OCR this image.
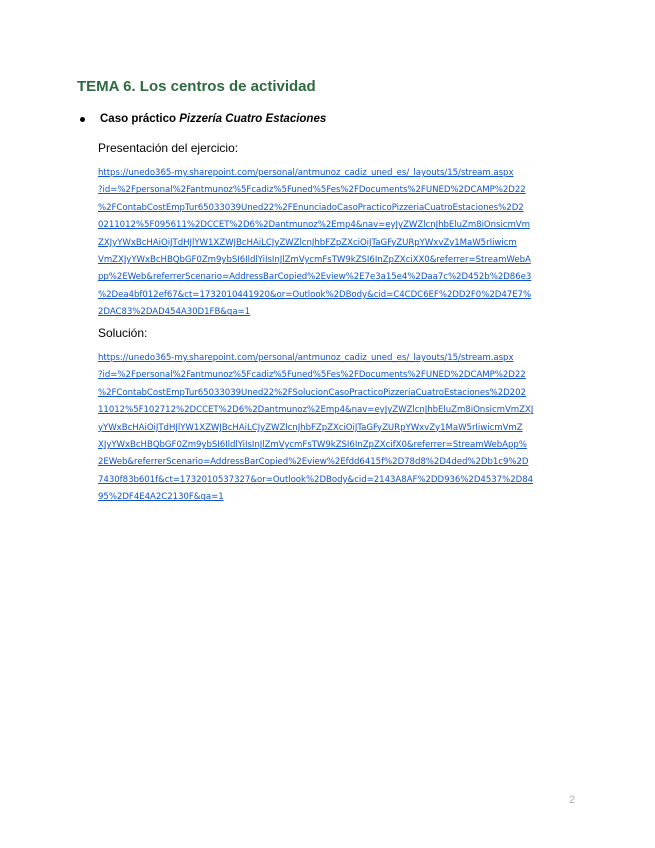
TEMA 6. Los centros de actividad
Caso práctico Pizzería Cuatro Estaciones
Presentación del ejercicio:
https://unedo365-my.sharepoint.com/personal/antmunoz_cadiz_uned_es/_layouts/15/stream.aspx
?id=%2Fpersonal%2Fantmunoz%5Fcadiz%5Funed%5Fes%2FDocuments%2FUNED%2DCAMP%2D22
%2FContabCostEmpTur65033039Uned22%2FEnunciadoCasoPracticoPizzeriaCuatroEstaciones%2D2
0211012%5F095611%2DCCET%2D6%2Dantmunoz%2Emp4&nav=eyJyZWZlcnJhbEluZm8iOnsicmVm
ZXJyYWxBcHAiOiJTdHJlYW1XZWJBcHAiLCJyZWZlcnJhbFZpZXciOiJTaGFyZURpYWxvZy1MaW5rIiwicm
VmZXJyYWxBcHBQbGF0Zm9ybSI6IldlYiIsInJlZmVycmFsTW9kZSI6InZpZXciXX0&referrer=StreamWebA
pp%2EWeb&referrerScenario=AddressBarCopied%2Eview%2E7e3a15e4%2Daa7c%2D452b%2D86e3
%2Dea4bf012ef67&ct=1732010441920&or=Outlook%2DBody&cid=C4CDC6EF%2DD2F0%2D47E7%
2DAC83%2DAD454A30D1FB&ga=1
Solución:
https://unedo365-my.sharepoint.com/personal/antmunoz_cadiz_uned_es/_layouts/15/stream.aspx
?id=%2Fpersonal%2Fantmunoz%5Fcadiz%5Funed%5Fes%2FDocuments%2FUNED%2DCAMP%2D22
%2FContabCostEmpTur65033039Uned22%2FSolucionCasoPracticoPizzeriaCuatroEstaciones%2D202
11012%5F102712%2DCCET%2D6%2Dantmunoz%2Emp4&nav=eyJyZWZlcnJhbEluZm8iOnsicmVmZXJ
yYWxBcHAiOiJTdHJlYW1XZWJBcHAiLCJyZWZlcnJhbFZpZXciOiJTaGFyZURpYWxvZy1MaW5rIiwicmVmZ
XJyYWxBcHBQbGF0Zm9ybSI6IldlYiIsInJlZmVycmFsTW9kZSI6InZpZXcifX0&referrer=StreamWebApp%
2EWeb&referrerScenario=AddressBarCopied%2Eview%2Efdd6415f%2D78d8%2D4ded%2Db1c9%2D
7430f83b601f&ct=1732010537327&or=Outlook%2DBody&cid=2143A8AF%2DD936%2D4537%2D84
95%2DF4E4A2C2130F&ga=1
2
